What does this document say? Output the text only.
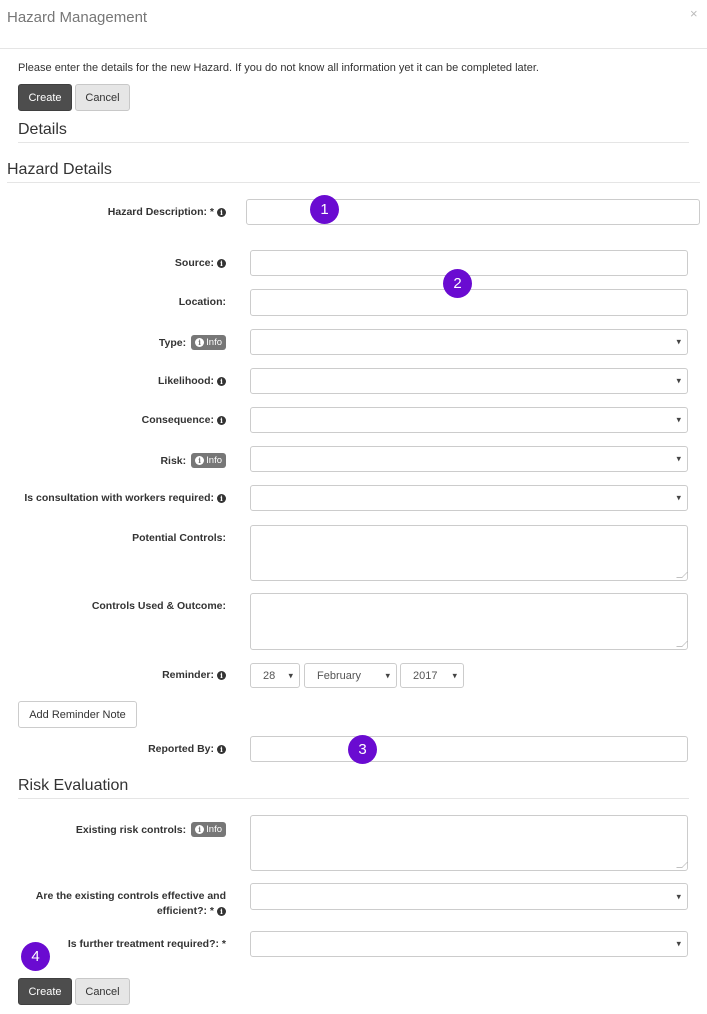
Hazard Management	×
Please enter the details for the new Hazard. If you do not know all information yet it can be completed later.
Create	Cancel
Details
Hazard Details
Hazard Description: * i
Source: i
Location:
Type:	i Info
▾
Likelihood: i
▾
Consequence: i
▾
Risk:	i Info
▾
Is consultation with workers required: i
▾
Potential Controls:
Controls Used & Outcome:
Reminder: i	28 ▾	February ▾	2017 ▾
Add Reminder Note
Reported By: i
Risk Evaluation
Existing risk controls:	i Info
Are the existing controls effective and
efficient?: * i
▾
Is further treatment required?: *
▾
Create	Cancel
1
2
3
4
